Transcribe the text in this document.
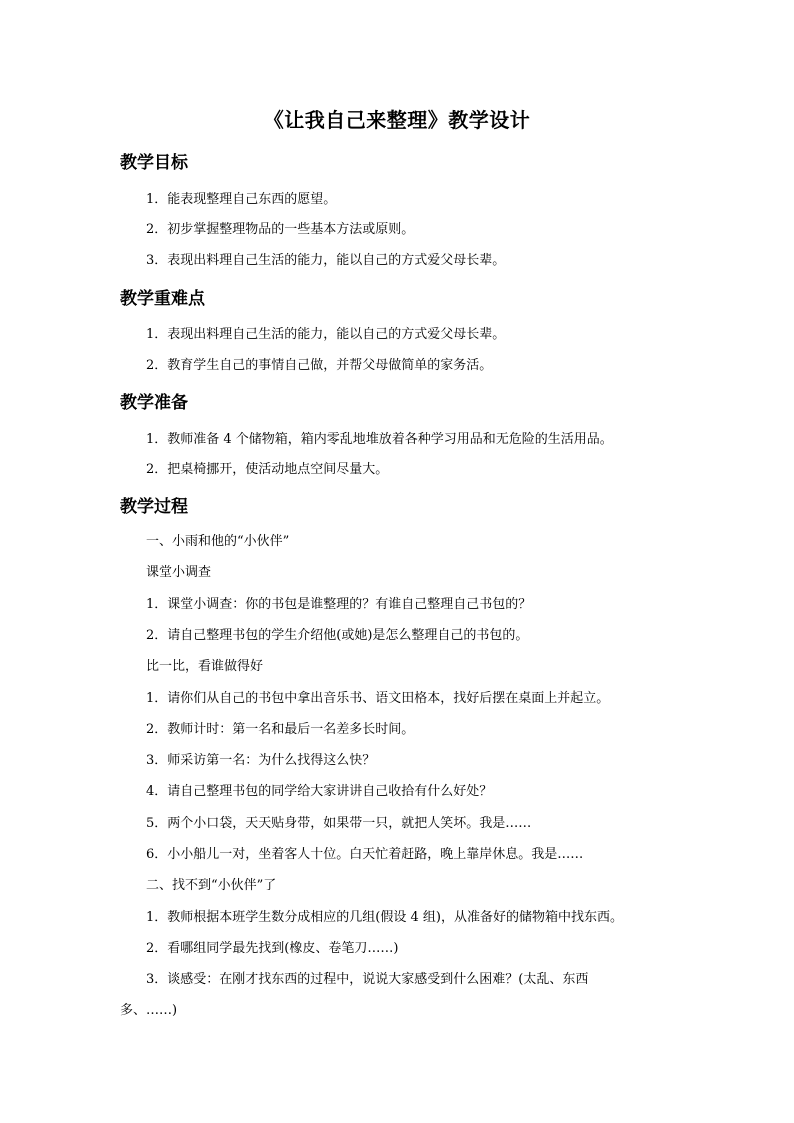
《让我自己来整理》教学设计
教学目标
1．能表现整理自己东西的愿望。
2．初步掌握整理物品的一些基本方法或原则。
3．表现出料理自己生活的能力，能以自己的方式爱父母长辈。
教学重难点
1．表现出料理自己生活的能力，能以自己的方式爱父母长辈。
2．教育学生自己的事情自己做，并帮父母做简单的家务活。
教学准备
1．教师准备 4 个储物箱，箱内零乱地堆放着各种学习用品和无危险的生活用品。
2．把桌椅挪开，使活动地点空间尽量大。
教学过程
一、小雨和他的“小伙伴”
课堂小调查
1．课堂小调查：你的书包是谁整理的？有谁自己整理自己书包的？
2．请自己整理书包的学生介绍他(或她)是怎么整理自己的书包的。
比一比，看谁做得好
1．请你们从自己的书包中拿出音乐书、语文田格本，找好后摆在桌面上并起立。
2．教师计时：第一名和最后一名差多长时间。
3．师采访第一名：为什么找得这么快？
4．请自己整理书包的同学给大家讲讲自己收拾有什么好处？
5．两个小口袋，天天贴身带，如果带一只，就把人笑坏。我是……
6．小小船儿一对，坐着客人十位。白天忙着赶路，晚上靠岸休息。我是……
二、找不到“小伙伴”了
1．教师根据本班学生数分成相应的几组(假设 4 组)，从准备好的储物箱中找东西。
2．看哪组同学最先找到(橡皮、卷笔刀……)
3．谈感受：在刚才找东西的过程中，说说大家感受到什么困难？(太乱、东西
多、……)
